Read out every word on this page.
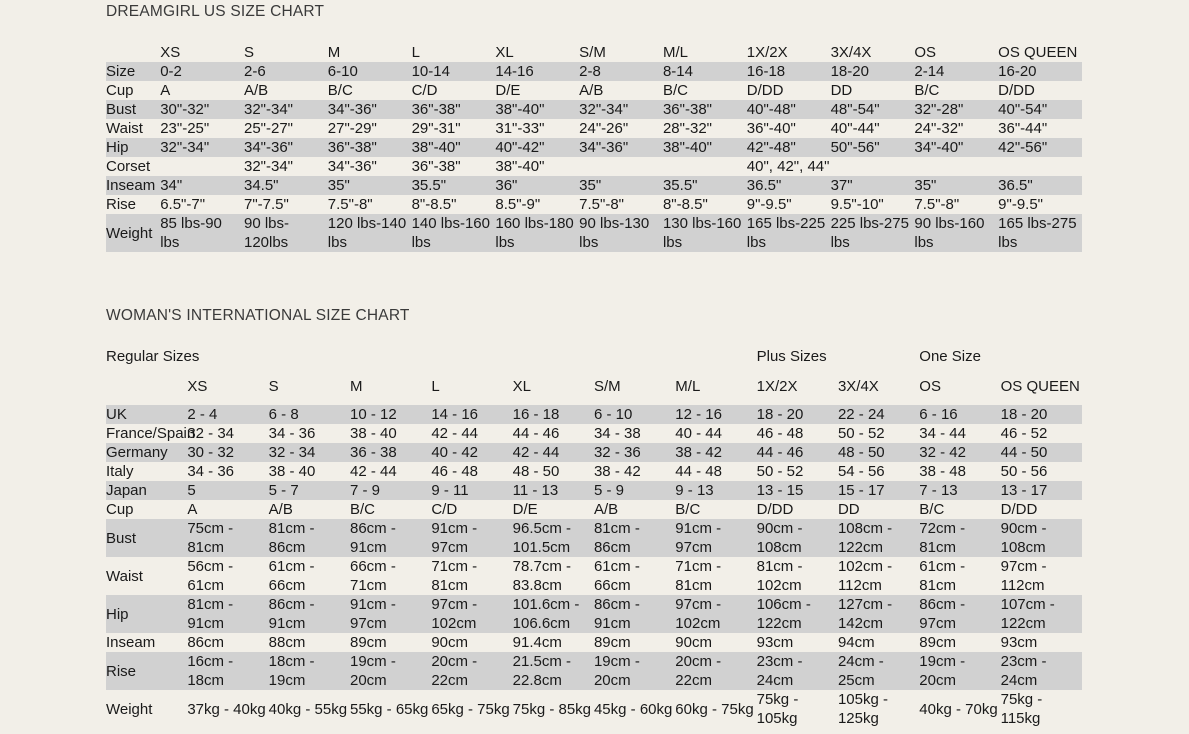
DREAMGIRL US SIZE CHART
	XS	S	M	L	XL	S/M	M/L	1X/2X	3X/4X	OS	OS QUEEN
Size	0-2	2-6	6-10	10-14	14-16	2-8	8-14	16-18	18-20	2-14	16-20
Cup	A	A/B	B/C	C/D	D/E	A/B	B/C	D/DD	DD	B/C	D/DD
Bust	30"-32"	32"-34"	34"-36"	36"-38"	38"-40"	32"-34"	36"-38"	40"-48"	48"-54"	32"-28"	40"-54"
Waist	23"-25"	25"-27"	27"-29"	29"-31"	31"-33"	24"-26"	28"-32"	36"-40"	40"-44"	24"-32"	36"-44"
Hip	32"-34"	34"-36"	36"-38"	38"-40"	40"-42"	34"-36"	38"-40"	42"-48"	50"-56"	34"-40"	42"-56"
Corset		32"-34"	34"-36"	36"-38"	38"-40"			40", 42", 44"			
Inseam	34"	34.5"	35"	35.5"	36"	35"	35.5"	36.5"	37"	35"	36.5"
Rise	6.5"-7"	7"-7.5"	7.5"-8"	8"-8.5"	8.5"-9"	7.5"-8"	8"-8.5"	9"-9.5"	9.5"-10"	7.5"-8"	9"-9.5"
Weight	85 lbs-90 lbs	90 lbs-120lbs	120 lbs-140 lbs	140 lbs-160 lbs	160 lbs-180 lbs	90 lbs-130 lbs	130 lbs-160 lbs	165 lbs-225 lbs	225 lbs-275 lbs	90 lbs-160 lbs	165 lbs-275 lbs
WOMAN'S INTERNATIONAL SIZE CHART
Regular Sizes								Plus Sizes		One Size	
	XS	S	M	L	XL	S/M	M/L	1X/2X	3X/4X	OS	OS QUEEN
UK	2 - 4	6 - 8	10 - 12	14 - 16	16 - 18	6 - 10	12 - 16	18 - 20	22 - 24	6 - 16	18 - 20
France/Spain	32 - 34	34 - 36	38 - 40	42 - 44	44 - 46	34 - 38	40 - 44	46 - 48	50 - 52	34 - 44	46 - 52
Germany	30 - 32	32 - 34	36 - 38	40 - 42	42 - 44	32 - 36	38 - 42	44 - 46	48 - 50	32 - 42	44 - 50
Italy	34 - 36	38 - 40	42 - 44	46 - 48	48 - 50	38 - 42	44 - 48	50 - 52	54 - 56	38 - 48	50 - 56
Japan	5	5 - 7	7 - 9	9 - 11	11 - 13	5 - 9	9 - 13	13 - 15	15 - 17	7 - 13	13 - 17
Cup	A	A/B	B/C	C/D	D/E	A/B	B/C	D/DD	DD	B/C	D/DD
Bust	75cm - 81cm	81cm - 86cm	86cm - 91cm	91cm - 97cm	96.5cm - 101.5cm	81cm - 86cm	91cm - 97cm	90cm - 108cm	108cm - 122cm	72cm - 81cm	90cm - 108cm
Waist	56cm - 61cm	61cm - 66cm	66cm - 71cm	71cm - 81cm	78.7cm - 83.8cm	61cm - 66cm	71cm - 81cm	81cm - 102cm	102cm - 112cm	61cm - 81cm	97cm - 112cm
Hip	81cm - 91cm	86cm - 91cm	91cm - 97cm	97cm - 102cm	101.6cm - 106.6cm	86cm - 91cm	97cm - 102cm	106cm - 122cm	127cm - 142cm	86cm - 97cm	107cm - 122cm
Inseam	86cm	88cm	89cm	90cm	91.4cm	89cm	90cm	93cm	94cm	89cm	93cm
Rise	16cm - 18cm	18cm - 19cm	19cm - 20cm	20cm - 22cm	21.5cm - 22.8cm	19cm - 20cm	20cm - 22cm	23cm - 24cm	24cm - 25cm	19cm - 20cm	23cm - 24cm
Weight	37kg - 40kg	40kg - 55kg	55kg - 65kg	65kg - 75kg	75kg - 85kg	45kg - 60kg	60kg - 75kg	75kg - 105kg	105kg - 125kg	40kg - 70kg	75kg - 115kg
